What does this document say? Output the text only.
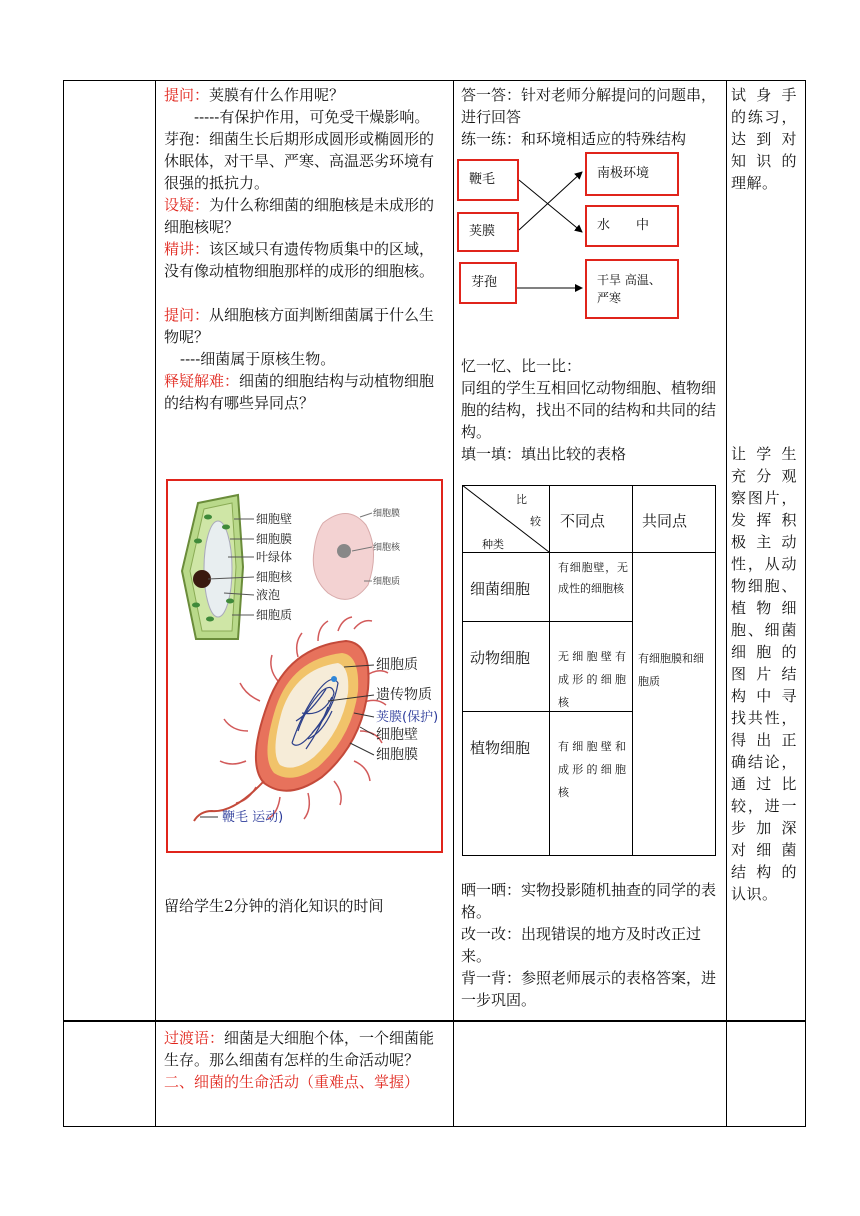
提问：荚膜有什么作用呢？

-----有保护作用，可免受干燥影响。

芽孢：细菌生长后期形成圆形或椭圆形的休眠体，对干旱、严寒、高温恶劣环境有很强的抵抗力。

设疑：为什么称细菌的细胞核是未成形的细胞核呢？

精讲：该区域只有遗传物质集中的区域，没有像动植物细胞那样的成形的细胞核。

提问：从细胞核方面判断细菌属于什么生物呢？

----细菌属于原核生物。

释疑解难：细菌的细胞结构与动植物细胞的结构有哪些异同点？

细胞壁
细胞膜
叶绿体
细胞核
液泡
细胞质
细胞膜
细胞核
细胞质
细胞质
遗传物质
荚膜(保护)
细胞壁
细胞膜
鞭毛 运动)
留给学生2分钟的消化知识的时间

答一答：针对老师分解提问的问题串，进行回答

练一练：和环境相适应的特殊结构

鞭毛
荚膜
芽孢
南极环境
水　　中
干旱 高温、严寒

忆一忆、比一比：

同组的学生互相回忆动物细胞、植物细胞的结构，找出不同的结构和共同的结构。

填一填：填出比较的表格

比
较
种类
不同点 共同点
细菌细胞
有细胞壁，无成性的细胞核
动物细胞	无细胞壁有成形的细胞核
植物细胞	有细胞壁和成形的细胞核
有细胞膜和细胞质

晒一晒：实物投影随机抽查的同学的表格。

改一改：出现错误的地方及时改正过来。

背一背：参照老师展示的表格答案，进一步巩固。

试身手
的练习，
达到对
知识的
理解。
让学生
充分观
察图片，
发挥积
极主动
性，从动
物细胞、
植物细
胞、细菌
细胞的
图片结
构中寻
找共性，
得出正
确结论，
通过比
较，进一
步加深
对细菌
结构的
认识。

过渡语：细菌是大细胞个体，一个细菌能生存。那么细菌有怎样的生命活动呢？

二、细菌的生命活动（重难点、掌握）
